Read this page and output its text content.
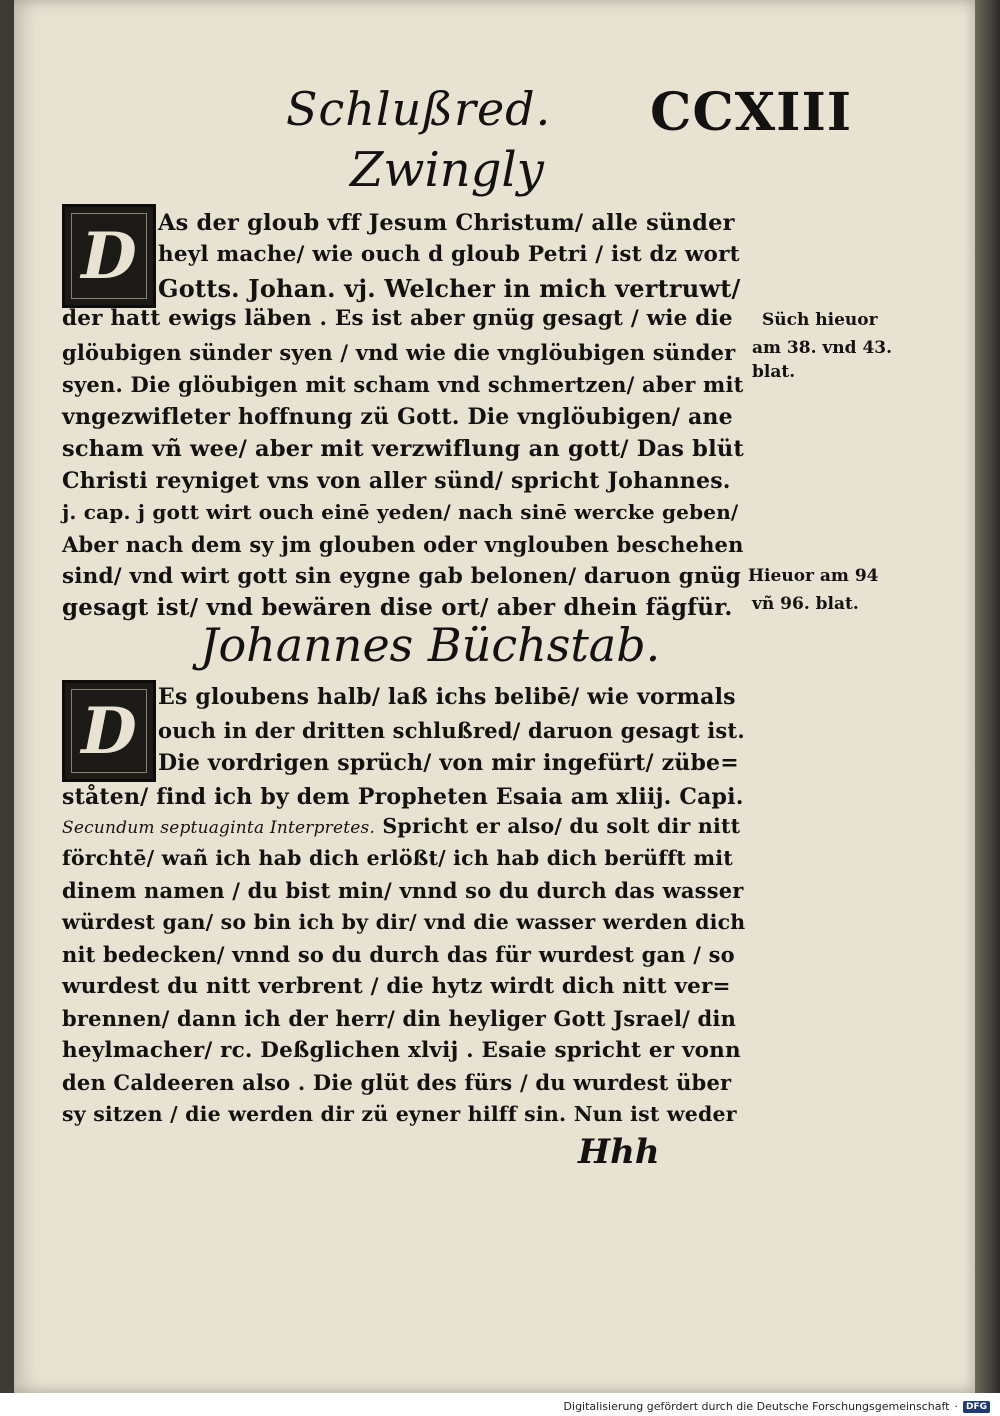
Schlußred. CCXIII
Zwingly
D As der gloub vff Jesum Christum/ alle sünder
heyl mache/ wie ouch d gloub Petri / ist dz wort
Gotts. Johan. vj. Welcher in mich vertruwt/
der hatt ewigs läben . Es ist aber gnüg gesagt / wie die
glöubigen sünder syen / vnd wie die vnglöubigen sünder
syen. Die glöubigen mit scham vnd schmertzen/ aber mit
vngezwifleter hoffnung zü Gott. Die vnglöubigen/ ane
scham vñ wee/ aber mit verzwiflung an gott/ Das blüt
Christi reyniget vns von aller sünd/ spricht Johannes.
j. cap. j gott wirt ouch einē yeden/ nach sinē wercke geben/
Aber nach dem sy jm glouben oder vnglouben beschehen
sind/ vnd wirt gott sin eygne gab belonen/ daruon gnüg
gesagt ist/ vnd bewären dise ort/ aber dhein fägfür.
Süch hieuor
am 38. vnd 43.
blat.
Hieuor am 94
vñ 96. blat.
Johannes Büchstab.
D Es gloubens halb/ laß ichs belibē/ wie vormals
ouch in der dritten schlußred/ daruon gesagt ist.
Die vordrigen sprüch/ von mir ingefürt/ zübe=
ståten/ find ich by dem Propheten Esaia am xliij. Capi.
Secundum septuaginta Interpretes. Spricht er also/ du solt dir nitt
förchtē/ wañ ich hab dich erlößt/ ich hab dich berüfft mit
dinem namen / du bist min/ vnnd so du durch das wasser
würdest gan/ so bin ich by dir/ vnd die wasser werden dich
nit bedecken/ vnnd so du durch das für wurdest gan / so
wurdest du nitt verbrent / die hytz wirdt dich nitt ver=
brennen/ dann ich der herr/ din heyliger Gott Jsrael/ din
heylmacher/ rc. Deßglichen xlvij . Esaie spricht er vonn
den Caldeeren also . Die glüt des fürs / du wurdest über
sy sitzen / die werden dir zü eyner hilff sin. Nun ist weder
Hhh
Digitalisierung gefördert durch die Deutsche Forschungsgemeinschaft · DFG
